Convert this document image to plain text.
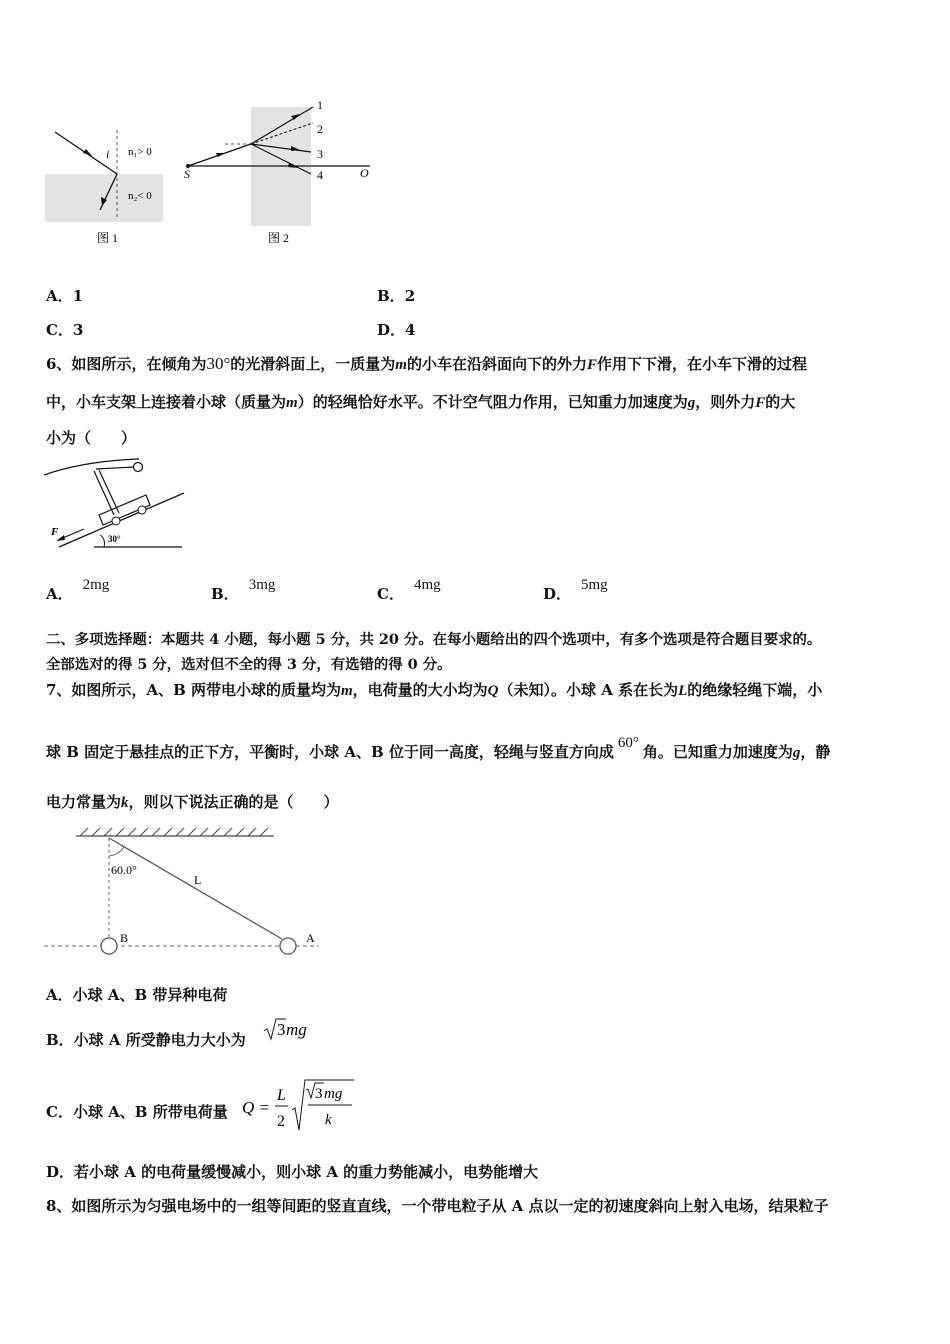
i n₁> 0
n₂< 0
图 1
1
2
3
4
S	O
图 2
A．1	B．2
C．3	D．4
6、如图所示，在倾角为30°的光滑斜面上，一质量为m的小车在沿斜面向下的外力F作用下下滑，在小车下滑的过程
中，小车支架上连接着小球（质量为m）的轻绳恰好水平。不计空气阻力作用，已知重力加速度为g，则外力F的大
小为（　　）
F
30°
A． 2mg	B． 3mg	C． 4mg	D． 5mg
二、多项选择题：本题共 4 小题，每小题 5 分，共 20 分。在每小题给出的四个选项中，有多个选项是符合题目要求的。
全部选对的得 5 分，选对但不全的得 3 分，有选错的得 0 分。
7、如图所示，A、B 两带电小球的质量均为m，电荷量的大小均为Q（未知）。小球 A 系在长为L的绝缘轻绳下端，小
球 B 固定于悬挂点的正下方，平衡时，小球 A、B 位于同一高度，轻绳与竖直方向成 60° 角。已知重力加速度为g，静
电力常量为k，则以下说法正确的是（　　）
60.0°
L
B	A
A．小球 A、B 带异种电荷
B．小球 A 所受静电力大小为
3 mg
C．小球 A、B 所带电荷量 Q =
L
2
3 mg
k
D．若小球 A 的电荷量缓慢减小，则小球 A 的重力势能减小，电势能增大
8、如图所示为匀强电场中的一组等间距的竖直直线，一个带电粒子从 A 点以一定的初速度斜向上射入电场，结果粒子
